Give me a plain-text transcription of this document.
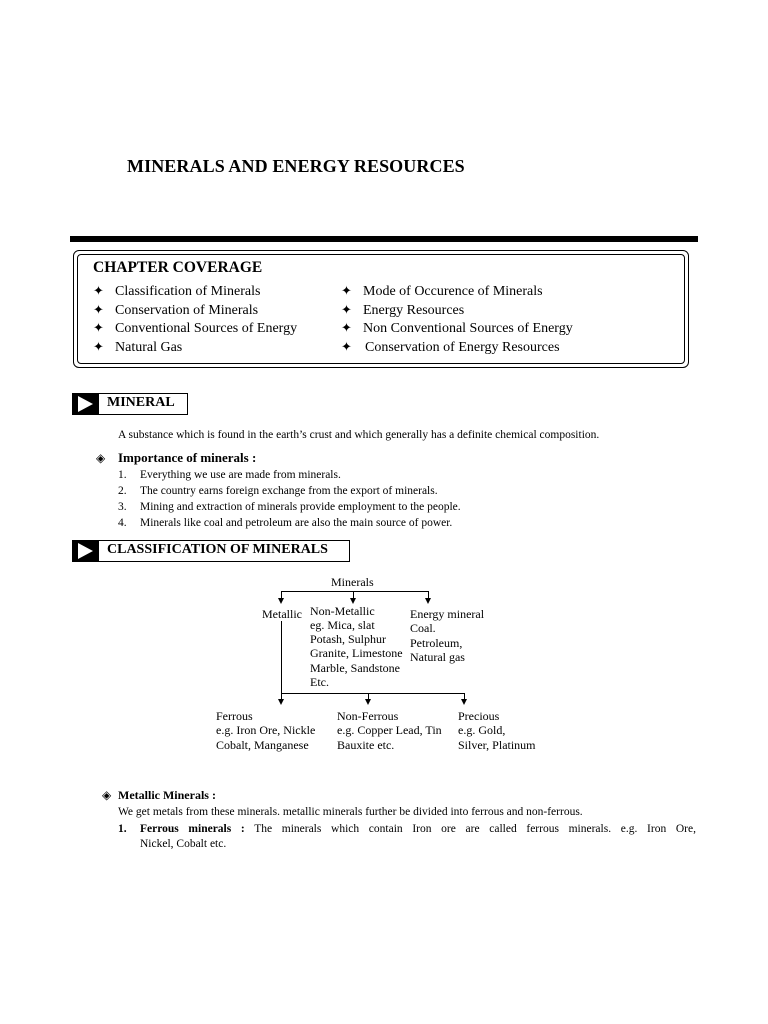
MINERALS AND ENERGY RESOURCES
CHAPTER COVERAGE
✦ Classification of Minerals
✦ Conservation of Minerals
✦ Conventional Sources of Energy
✦ Natural Gas
✦ Mode of Occurence of Minerals
✦ Energy Resources
✦ Non Conventional Sources of Energy
✦ Conservation of Energy Resources
MINERAL
A substance which is found in the earth’s crust and which generally has a definite chemical composition.
◈ Importance of minerals :
1. Everything we use are made from minerals.
2. The country earns foreign exchange from the export of minerals.
3. Mining and extraction of minerals provide employment to the people.
4. Minerals like coal and petroleum are also the main source of power.
CLASSIFICATION OF MINERALS
Minerals
Metallic Non-Metallic
eg. Mica, slat
Potash, Sulphur
Granite, Limestone
Marble, Sandstone
Etc.
Energy mineral
Coal.
Petroleum,
Natural gas
Ferrous
e.g. Iron Ore, Nickle
Cobalt, Manganese
Non-Ferrous
e.g. Copper Lead, Tin
Bauxite etc.
Precious
e.g. Gold,
Silver, Platinum
◈ Metallic Minerals :
We get metals from these minerals. metallic minerals further be divided into ferrous and non-ferrous.
1. Ferrous minerals : The minerals which contain Iron ore are called ferrous minerals. e.g. Iron Ore,
Nickel, Cobalt etc.
